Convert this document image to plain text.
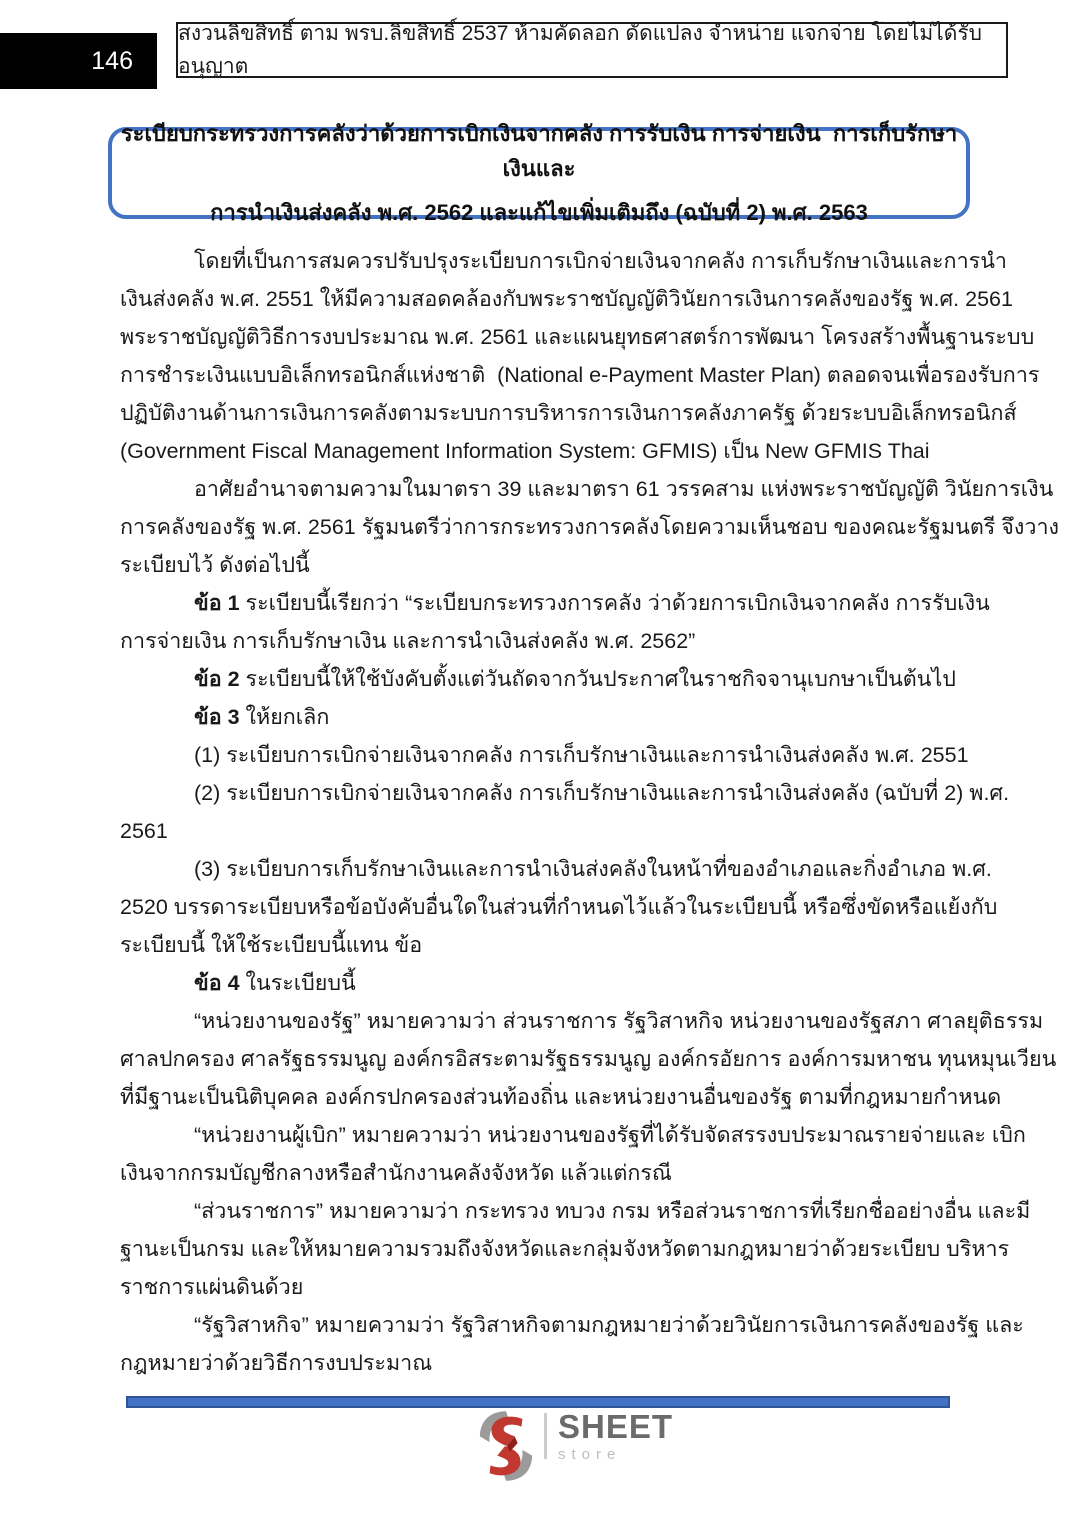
146
สงวนลิขสิทธิ์ ตาม พรบ.ลิขสิทธิ์ 2537 ห้ามคัดลอก ดัดแปลง จำหน่าย แจกจ่าย โดยไม่ได้รับอนุญาต
ระเบียบกระทรวงการคลังว่าด้วยการเบิกเงินจากคลัง การรับเงิน การจ่ายเงิน  การเก็บรักษาเงินและ
การนำเงินส่งคลัง พ.ศ. 2562 และแก้ไขเพิ่มเติมถึง (ฉบับที่ 2) พ.ศ. 2563
โดยที่เป็นการสมควรปรับปรุงระเบียบการเบิกจ่ายเงินจากคลัง การเก็บรักษาเงินและการนำ
เงินส่งคลัง พ.ศ. 2551 ให้มีความสอดคล้องกับพระราชบัญญัติวินัยการเงินการคลังของรัฐ พ.ศ. 2561
พระราชบัญญัติวิธีการงบประมาณ พ.ศ. 2561 และแผนยุทธศาสตร์การพัฒนา โครงสร้างพื้นฐานระบบ
การชำระเงินแบบอิเล็กทรอนิกส์แห่งชาติ  (National e-Payment Master Plan) ตลอดจนเพื่อรองรับการ
ปฏิบัติงานด้านการเงินการคลังตามระบบการบริหารการเงินการคลังภาครัฐ ด้วยระบบอิเล็กทรอนิกส์
(Government Fiscal Management Information System: GFMIS) เป็น New GFMIS Thai
อาศัยอำนาจตามความในมาตรา 39 และมาตรา 61 วรรคสาม แห่งพระราชบัญญัติ วินัยการเงิน
การคลังของรัฐ พ.ศ. 2561 รัฐมนตรีว่าการกระทรวงการคลังโดยความเห็นชอบ ของคณะรัฐมนตรี จึงวาง
ระเบียบไว้ ดังต่อไปนี้
ข้อ 1 ระเบียบนี้เรียกว่า “ระเบียบกระทรวงการคลัง ว่าด้วยการเบิกเงินจากคลัง การรับเงิน
การจ่ายเงิน การเก็บรักษาเงิน และการนำเงินส่งคลัง พ.ศ. 2562”
ข้อ 2 ระเบียบนี้ให้ใช้บังคับตั้งแต่วันถัดจากวันประกาศในราชกิจจานุเบกษาเป็นต้นไป
ข้อ 3 ให้ยกเลิก
(1) ระเบียบการเบิกจ่ายเงินจากคลัง การเก็บรักษาเงินและการนำเงินส่งคลัง พ.ศ. 2551
(2) ระเบียบการเบิกจ่ายเงินจากคลัง การเก็บรักษาเงินและการนำเงินส่งคลัง (ฉบับที่ 2) พ.ศ.
2561
(3) ระเบียบการเก็บรักษาเงินและการนำเงินส่งคลังในหน้าที่ของอำเภอและกิ่งอำเภอ พ.ศ.
2520 บรรดาระเบียบหรือข้อบังคับอื่นใดในส่วนที่กำหนดไว้แล้วในระเบียบนี้ หรือซึ่งขัดหรือแย้งกับ
ระเบียบนี้ ให้ใช้ระเบียบนี้แทน ข้อ
ข้อ 4 ในระเบียบนี้
“หน่วยงานของรัฐ” หมายความว่า ส่วนราชการ รัฐวิสาหกิจ หน่วยงานของรัฐสภา ศาลยุติธรรม
ศาลปกครอง ศาลรัฐธรรมนูญ องค์กรอิสระตามรัฐธรรมนูญ องค์กรอัยการ องค์การมหาชน ทุนหมุนเวียน
ที่มีฐานะเป็นนิติบุคคล องค์กรปกครองส่วนท้องถิ่น และหน่วยงานอื่นของรัฐ ตามที่กฎหมายกำหนด
“หน่วยงานผู้เบิก” หมายความว่า หน่วยงานของรัฐที่ได้รับจัดสรรงบประมาณรายจ่ายและ เบิก
เงินจากกรมบัญชีกลางหรือสำนักงานคลังจังหวัด แล้วแต่กรณี
“ส่วนราชการ” หมายความว่า กระทรวง ทบวง กรม หรือส่วนราชการที่เรียกชื่ออย่างอื่น และมี
ฐานะเป็นกรม และให้หมายความรวมถึงจังหวัดและกลุ่มจังหวัดตามกฎหมายว่าด้วยระเบียบ บริหาร
ราชการแผ่นดินด้วย
“รัฐวิสาหกิจ” หมายความว่า รัฐวิสาหกิจตามกฎหมายว่าด้วยวินัยการเงินการคลังของรัฐ และ
กฎหมายว่าด้วยวิธีการงบประมาณ
SHEET
store
